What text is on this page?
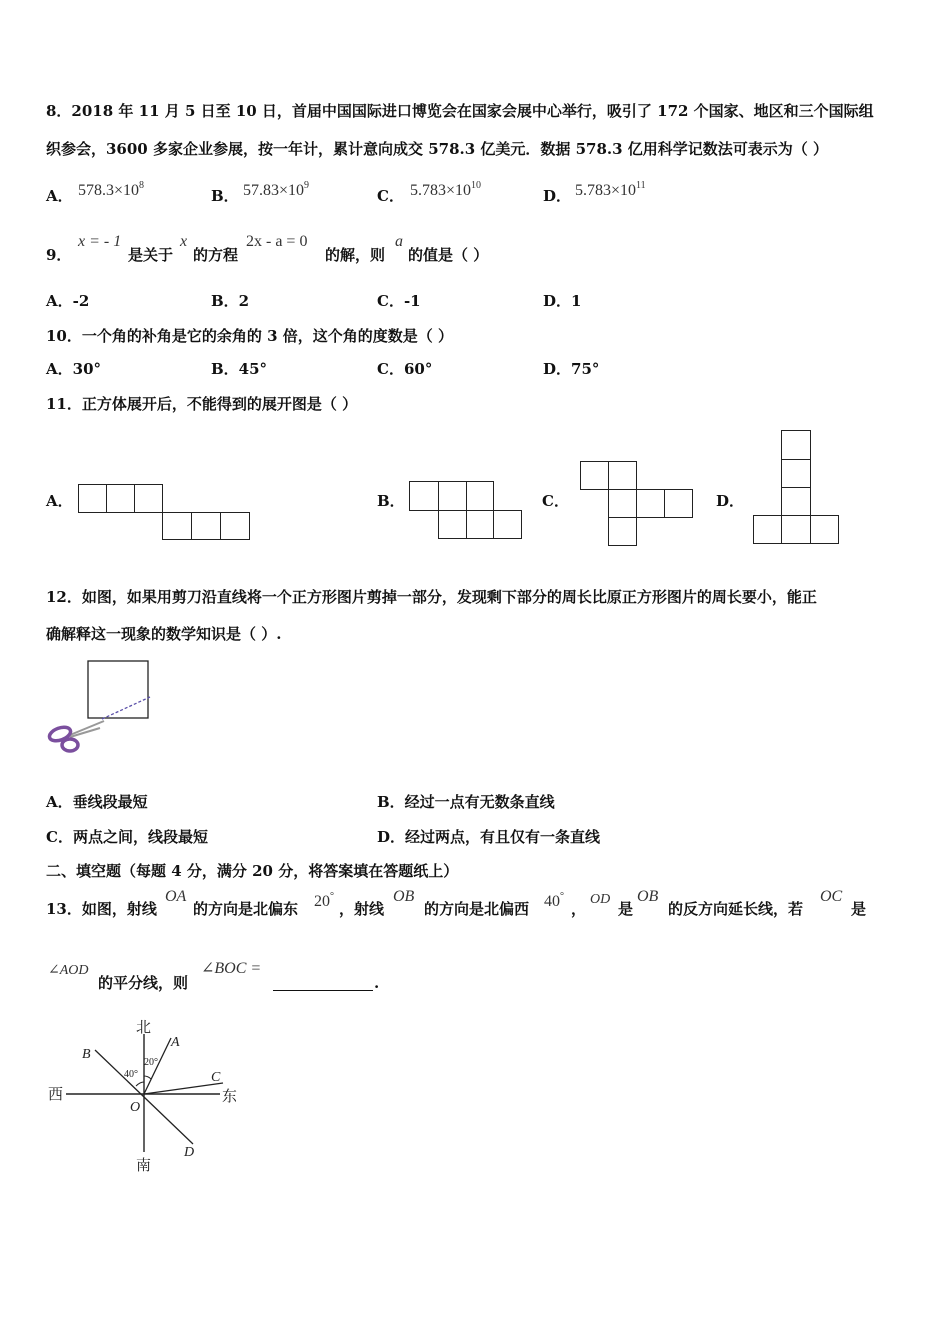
8．2018 年 11 月 5 日至 10 日，首届中国国际进口博览会在国家会展中心举行，吸引了 172 个国家、地区和三个国际组
织参会，3600 多家企业参展，按一年计，累计意向成交 578.3 亿美元．数据 578.3 亿用科学记数法可表示为（ ）
A． $578.3\times 10^8$
B． $57.83\times 10^9$
C． $5.783\times 10^{10}$
D． $5.783\times 10^{11}$
9．
x = - 1
是关于
x
的方程
2x - a = 0
的解，则
a
的值是（ ）
A．-2	B．2	C．-1	D．1
10．一个角的补角是它的余角的 3 倍，这个角的度数是（ ）
A．30°	B．45°	C．60°	D．75°
11．正方体展开后，不能得到的展开图是（ ）
A．	B．	C．	D．
12．如图，如果用剪刀沿直线将一个正方形图片剪掉一部分，发现剩下部分的周长比原正方形图片的周长要小，能正
确解释这一现象的数学知识是（ ）.
A．垂线段最短	B．经过一点有无数条直线
C．两点之间，线段最短	D．经过两点，有且仅有一条直线
二、填空题（每题 4 分，满分 20 分，将答案填在答题纸上）
13．如图，射线
OA
的方向是北偏东 20°
，射线
OB
的方向是北偏西 40°
，
OD
是
OB
的反方向延长线，若
OC
是
∠AOD
的平分线，则
∠BOC =
.
北
南
西	东
A
B
C
D
O
20°
40°
